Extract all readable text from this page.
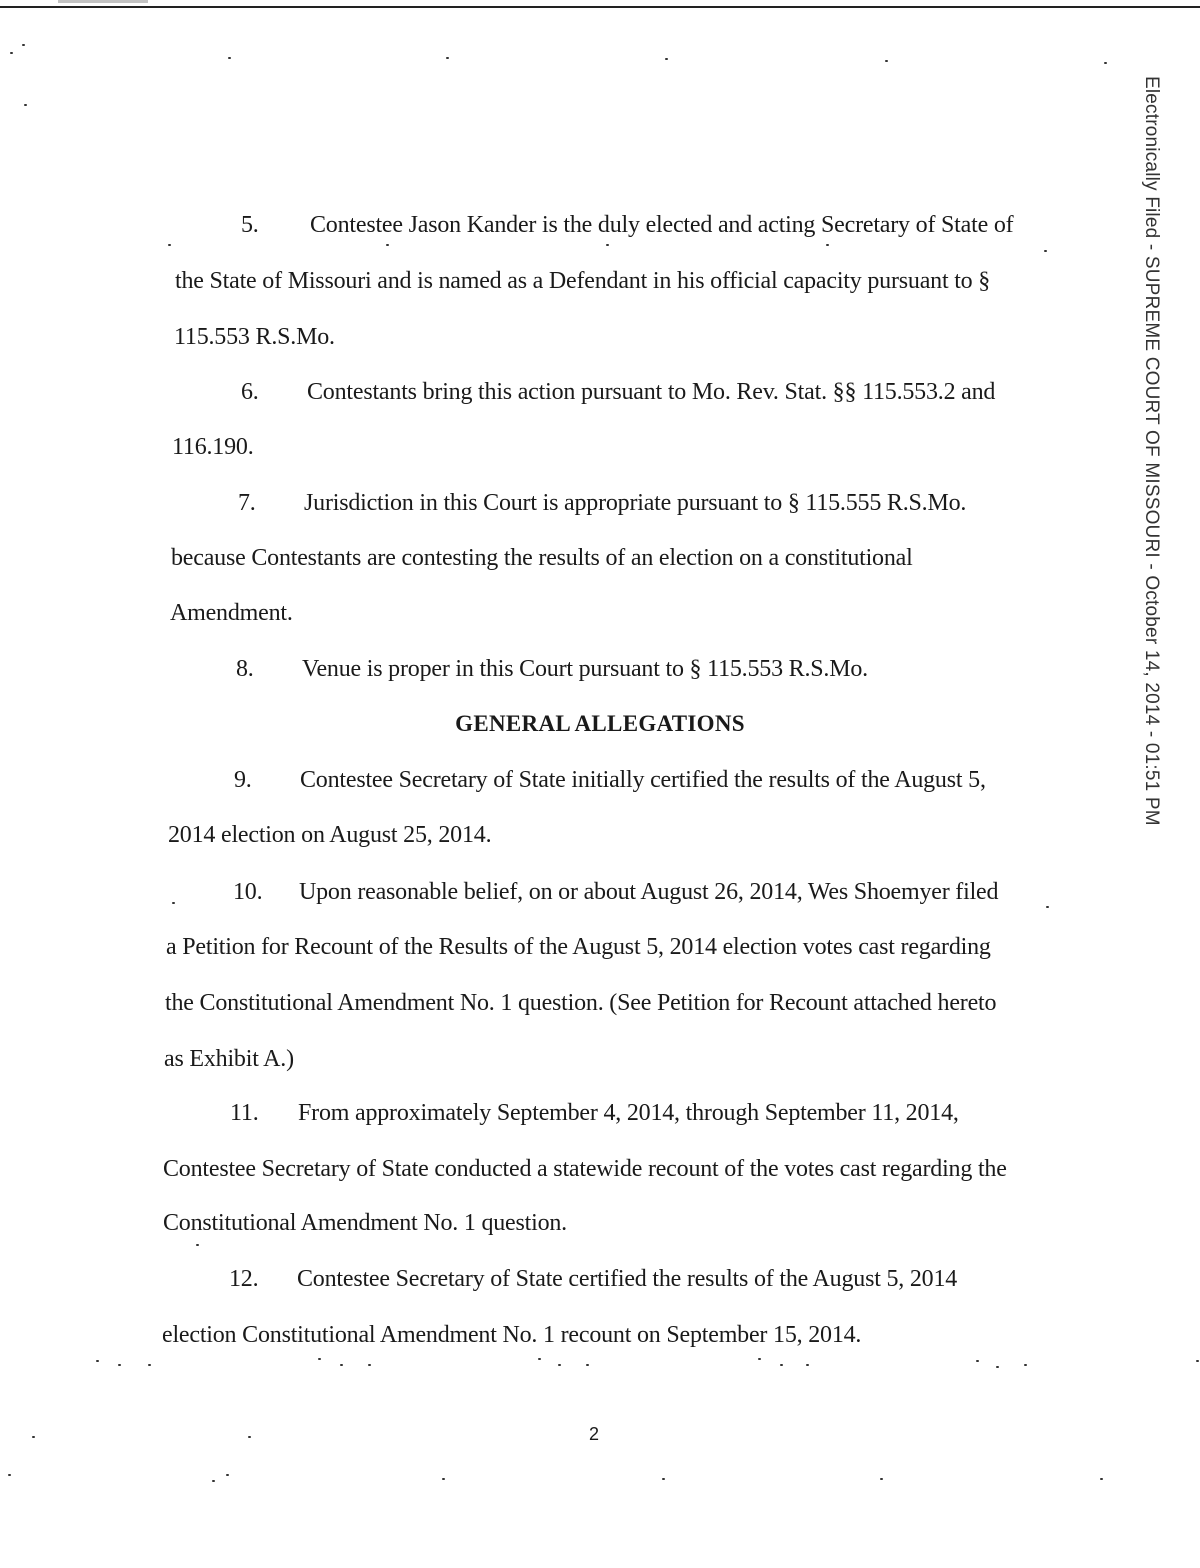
5. Contestee Jason Kander is the duly elected and acting Secretary of State of
the State of Missouri and is named as a Defendant in his official capacity pursuant to §
115.553 R.S.Mo.
6. Contestants bring this action pursuant to Mo. Rev. Stat. §§ 115.553.2 and
116.190.
7. Jurisdiction in this Court is appropriate pursuant to § 115.555 R.S.Mo.
because Contestants are contesting the results of an election on a constitutional
Amendment.
8. Venue is proper in this Court pursuant to § 115.553 R.S.Mo.
GENERAL ALLEGATIONS
9. Contestee Secretary of State initially certified the results of the August 5,
2014 election on August 25, 2014.
10. Upon reasonable belief, on or about August 26, 2014, Wes Shoemyer filed
a Petition for Recount of the Results of the August 5, 2014 election votes cast regarding
the Constitutional Amendment No. 1 question. (See Petition for Recount attached hereto
as Exhibit A.)
11. From approximately September 4, 2014, through September 11, 2014,
Contestee Secretary of State conducted a statewide recount of the votes cast regarding the
Constitutional Amendment No. 1 question.
12. Contestee Secretary of State certified the results of the August 5, 2014
election Constitutional Amendment No. 1 recount on September 15, 2014.
2
Electronically Filed - SUPREME COURT OF MISSOURI - October 14, 2014 - 01:51 PM
